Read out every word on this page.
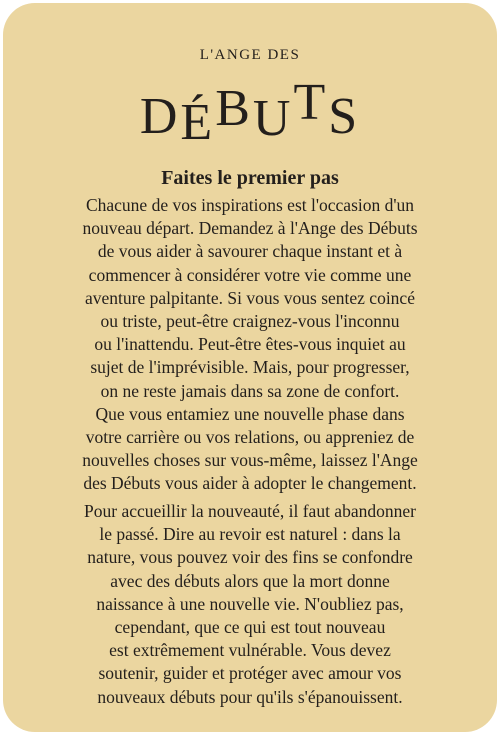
L'ANGE DES
DÉBUTS
Faites le premier pas
Chacune de vos inspirations est l'occasion d'un
nouveau départ. Demandez à l'Ange des Débuts
de vous aider à savourer chaque instant et à
commencer à considérer votre vie comme une
aventure palpitante. Si vous vous sentez coincé
ou triste, peut-être craignez-vous l'inconnu
ou l'inattendu. Peut-être êtes-vous inquiet au
sujet de l'imprévisible. Mais, pour progresser,
on ne reste jamais dans sa zone de confort.
Que vous entamiez une nouvelle phase dans
votre carrière ou vos relations, ou appreniez de
nouvelles choses sur vous-même, laissez l'Ange
des Débuts vous aider à adopter le changement.
Pour accueillir la nouveauté, il faut abandonner
le passé. Dire au revoir est naturel : dans la
nature, vous pouvez voir des fins se confondre
avec des débuts alors que la mort donne
naissance à une nouvelle vie. N'oubliez pas,
cependant, que ce qui est tout nouveau
est extrêmement vulnérable. Vous devez
soutenir, guider et protéger avec amour vos
nouveaux débuts pour qu'ils s'épanouissent.
